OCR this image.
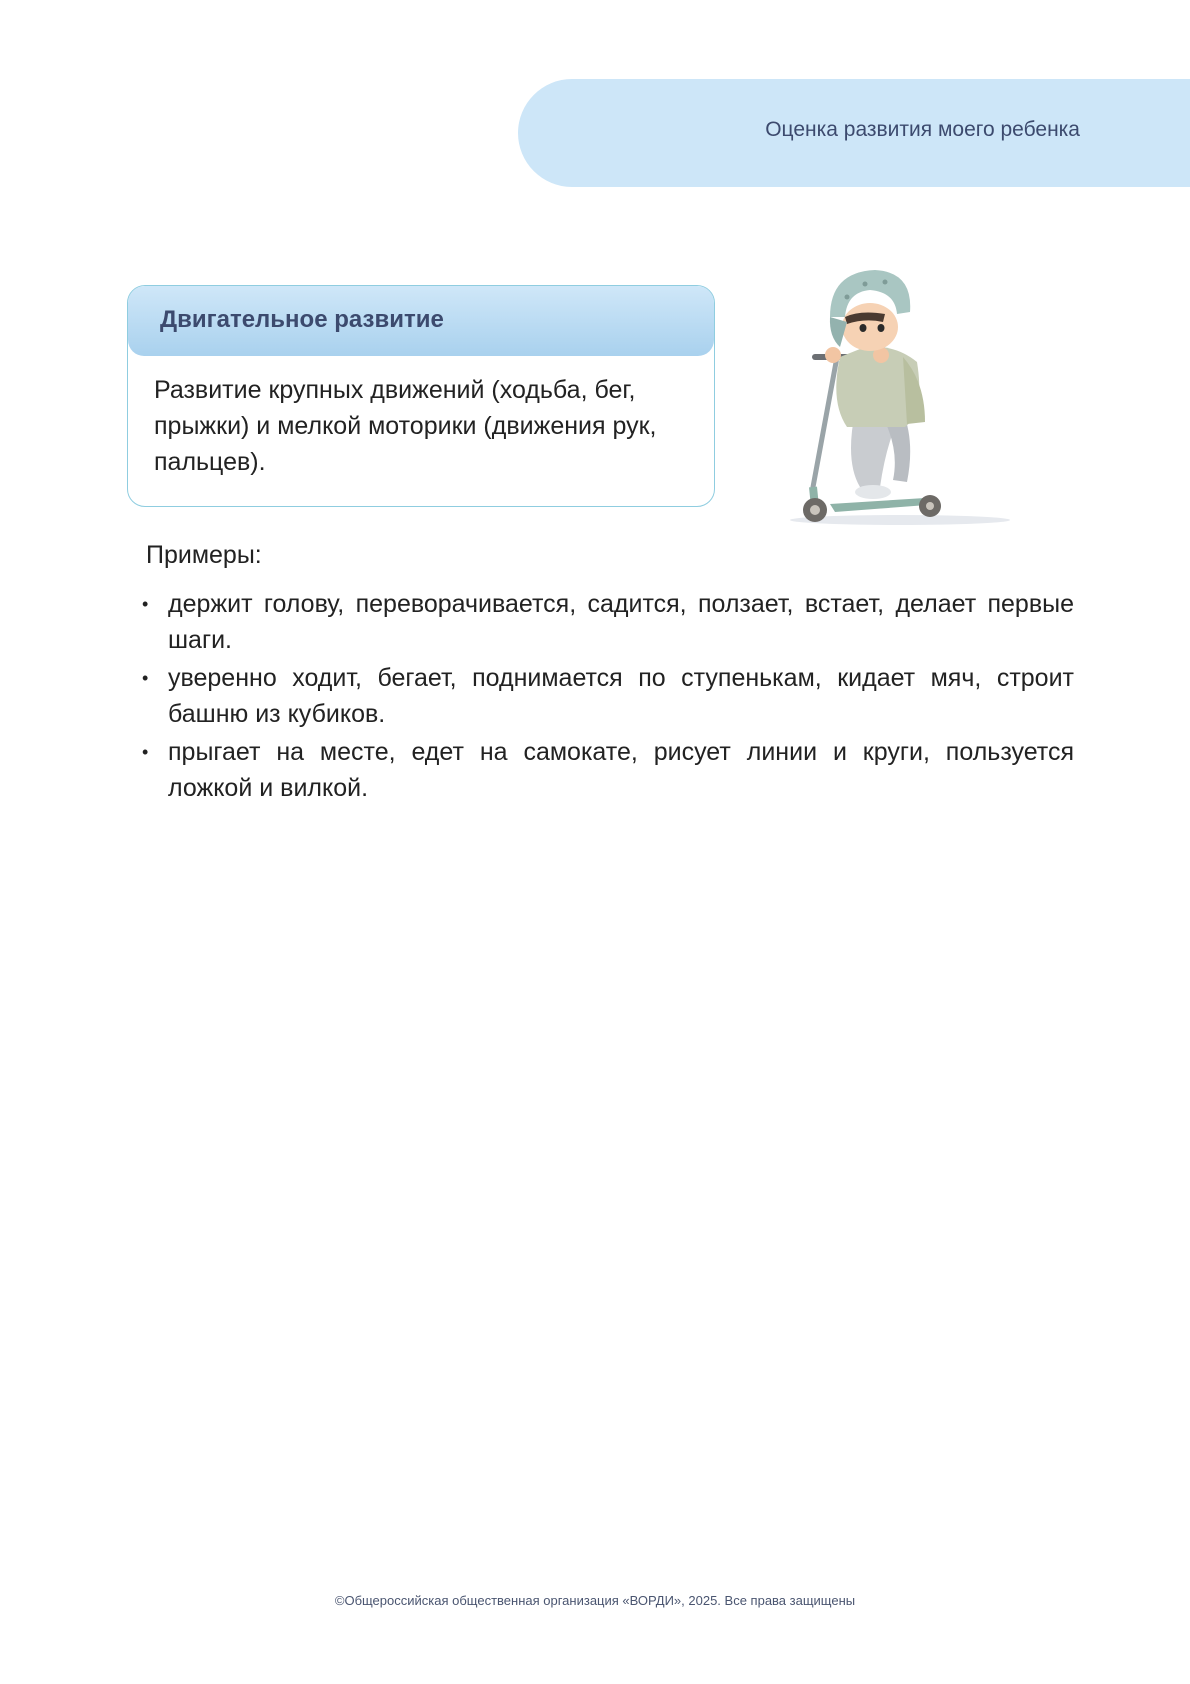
Оценка развития моего ребенка
Двигательное развитие
Развитие крупных движений (ходьба, бег, прыжки) и мелкой моторики (движения рук, пальцев).
Примеры:
• держит голову, переворачивается, садится, ползает, встает, делает первые шаги.
• уверенно ходит, бегает, поднимается по ступенькам, кидает мяч, строит башню из кубиков.
• прыгает на месте, едет на самокате, рисует линии и круги, пользуется ложкой и вилкой.
©Общероссийская общественная организация «ВОРДИ», 2025. Все права защищены
